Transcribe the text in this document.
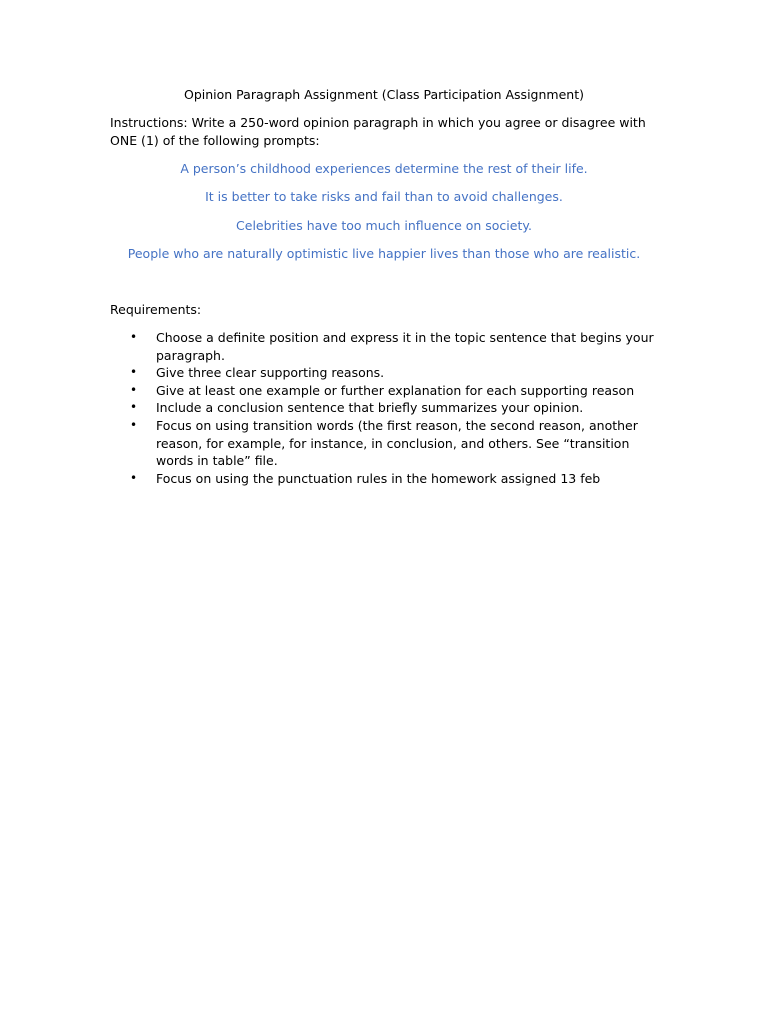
Opinion Paragraph Assignment (Class Participation Assignment)

Instructions: Write a 250-word opinion paragraph in which you agree or disagree with ONE (1) of the following prompts:

A person’s childhood experiences determine the rest of their life.
It is better to take risks and fail than to avoid challenges.
Celebrities have too much influence on society.
People who are naturally optimistic live happier lives than those who are realistic.

Requirements:

• Choose a definite position and express it in the topic sentence that begins your paragraph.
• Give three clear supporting reasons.
• Give at least one example or further explanation for each supporting reason
• Include a conclusion sentence that briefly summarizes your opinion.
• Focus on using transition words (the first reason, the second reason, another reason, for example, for instance, in conclusion, and others. See “transition words in table” file.
• Focus on using the punctuation rules in the homework assigned 13 feb
